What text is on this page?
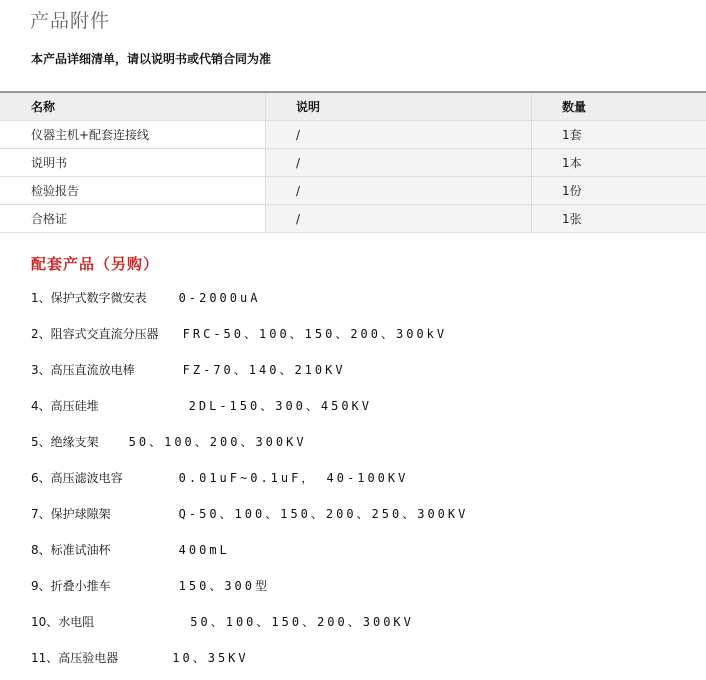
产品附件

本产品详细清单，请以说明书或代销合同为准

名称	说明	数量
仪器主机+配套连接线	/	1套
说明书	/	1本
检验报告	/	1份
合格证	/	1张
配套产品（另购）
1、保护式数字微安表	0-2000uA
2、阻容式交直流分压器 FRC-50、100、150、200、300kV
3、高压直流放电棒	FZ-70、140、210KV
4、高压硅堆	2DL-150、300、450KV
5、绝缘支架	50、100、200、300KV
6、高压滤波电容	0.01uF~0.1uF， 40-100KV
7、保护球隙架	Q-50、100、150、200、250、300KV
8、标准试油杯	400mL
9、折叠小推车	150、300型
10、水电阻	50、100、150、200、300KV
11、高压验电器	10、35KV
